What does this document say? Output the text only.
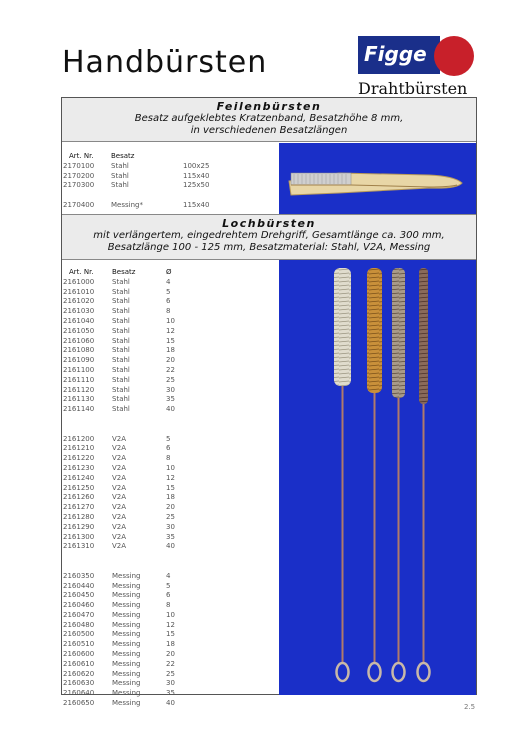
Handbürsten	Figge
Drahtbürsten
Feilenbürsten
Besatz aufgeklebtes Kratzenband, Besatzhöhe 8 mm,
in verschiedenen Besatzlängen
Art. Nr. Besatz
2170100 Stahl	100x25
2170200 Stahl	115x40
2170300 Stahl	125x50
2170400 Messing*	115x40
Lochbürsten
mit verlängertem, eingedrehtem Drehgriff, Gesamtlänge ca. 300 mm,
Besatzlänge 100 - 125 mm, Besatzmaterial: Stahl, V2A, Messing
Art. Nr.	Besatz	Ø
2161000	Stahl	4
2161010	Stahl	5
2161020	Stahl	6
2161030	Stahl	8
2161040	Stahl	10
2161050	Stahl	12
2161060	Stahl	15
2161080	Stahl	18
2161090	Stahl	20
2161100	Stahl	22
2161110	Stahl	25
2161120	Stahl	30
2161130	Stahl	35
2161140	Stahl	40
2161200	V2A	5
2161210	V2A	6
2161220	V2A	8
2161230	V2A	10
2161240	V2A	12
2161250	V2A	15
2161260	V2A	18
2161270	V2A	20
2161280	V2A	25
2161290	V2A	30
2161300	V2A	35
2161310	V2A	40
2160350	Messing	4
2160440	Messing	5
2160450	Messing	6
2160460	Messing	8
2160470	Messing	10
2160480	Messing	12
2160500	Messing	15
2160510	Messing	18
2160600	Messing	20
2160610	Messing	22
2160620	Messing	25
2160630	Messing	30
2160640	Messing	35
2160650	Messing	40	2.5
